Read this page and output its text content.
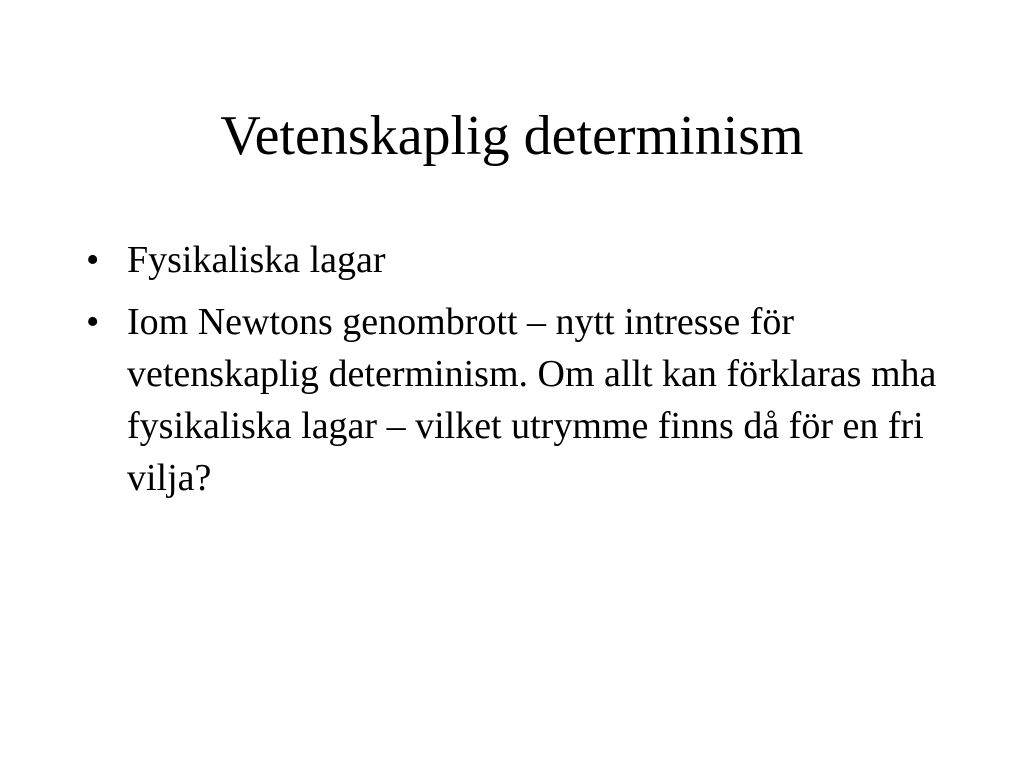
Vetenskaplig determinism
• Fysikaliska lagar
• Iom Newtons genombrott – nytt intresse för vetenskaplig determinism. Om allt kan förklaras mha fysikaliska lagar – vilket utrymme finns då för en fri vilja?
